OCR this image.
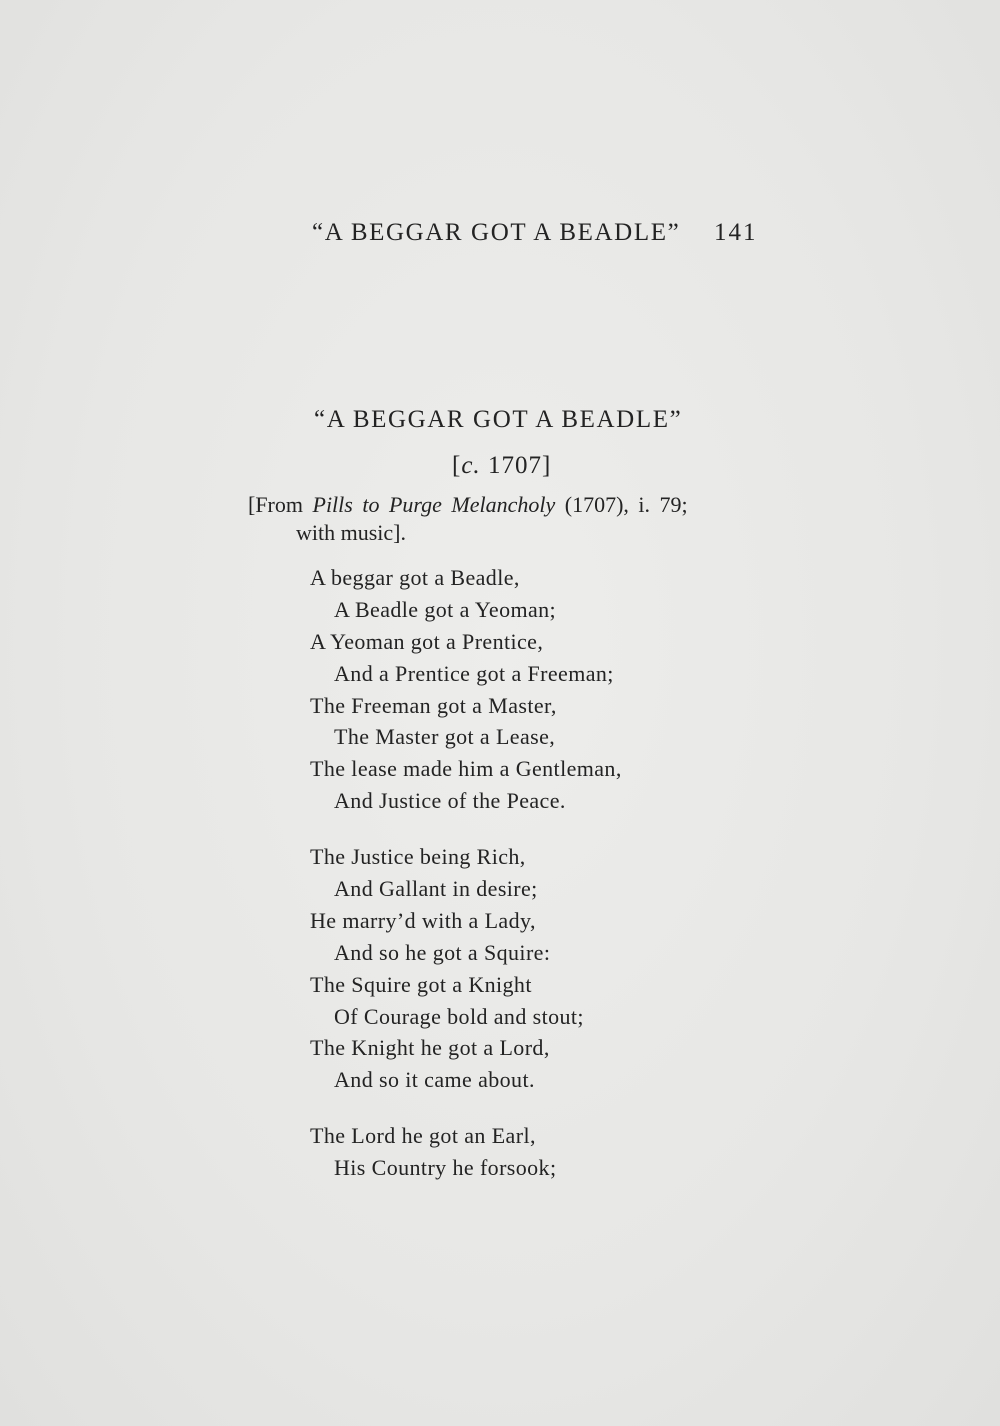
“A BEGGAR GOT A BEADLE” 141
“A BEGGAR GOT A BEADLE”
[c. 1707]
[From Pills to Purge Melancholy (1707), i. 79;
with music].
A beggar got a Beadle,
A Beadle got a Yeoman;
A Yeoman got a Prentice,
And a Prentice got a Freeman;
The Freeman got a Master,
The Master got a Lease,
The lease made him a Gentleman,
And Justice of the Peace.
The Justice being Rich,
And Gallant in desire;
He marry’d with a Lady,
And so he got a Squire:
The Squire got a Knight
Of Courage bold and stout;
The Knight he got a Lord,
And so it came about.
The Lord he got an Earl,
His Country he forsook;
